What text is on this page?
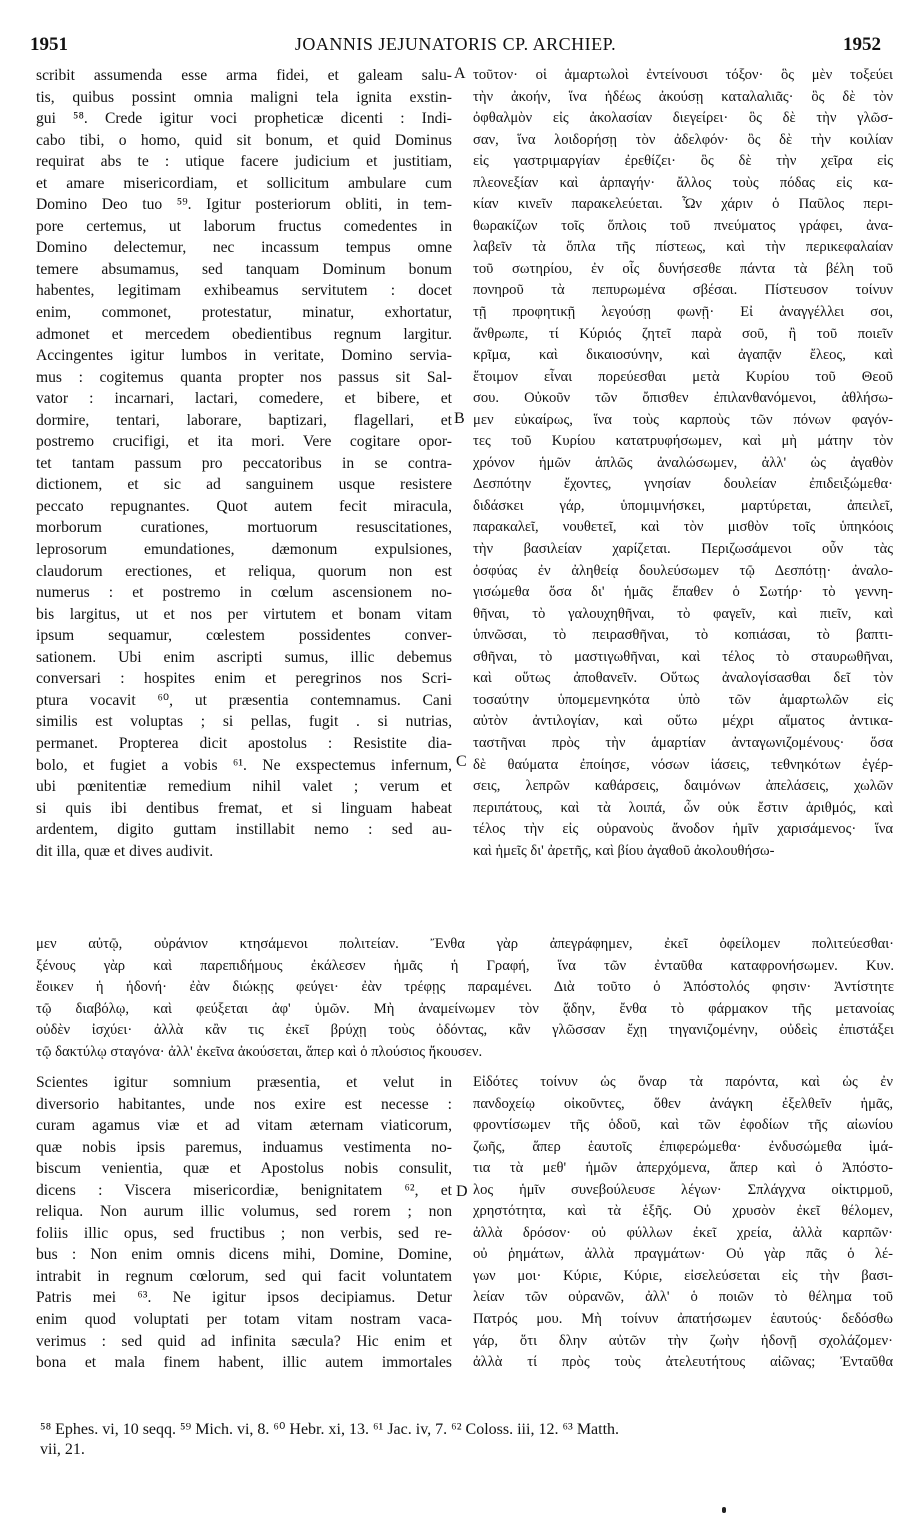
1951	JOANNIS JEJUNATORIS CP. ARCHIEP.	1952
scribit assumenda esse arma fidei, et galeam salu-
tis, quibus possint omnia maligni tela ignita exstin-
gui ⁵⁸. Crede igitur voci propheticæ dicenti : Indi-
cabo tibi, o homo, quid sit bonum, et quid Dominus
requirat abs te : utique facere judicium et justitiam,
et amare misericordiam, et sollicitum ambulare cum
Domino Deo tuo ⁵⁹. Igitur posteriorum obliti, in tem-
pore certemus, ut laborum fructus comedentes in
Domino delectemur, nec incassum tempus omne
temere absumamus, sed tanquam Dominum bonum
habentes, legitimam exhibeamus servitutem : docet
enim, commonet, protestatur, minatur, exhortatur,
admonet et mercedem obedientibus regnum largitur.
Accingentes igitur lumbos in veritate, Domino servia-
mus : cogitemus quanta propter nos passus sit Sal-
vator : incarnari, lactari, comedere, et bibere, et
dormire, tentari, laborare, baptizari, flagellari, et
postremo crucifigi, et ita mori. Vere cogitare opor-
tet tantam passum pro peccatoribus in se contra-
dictionem, et sic ad sanguinem usque resistere
peccato repugnantes. Quot autem fecit miracula,
morborum curationes, mortuorum resuscitationes,
leprosorum emundationes, dæmonum expulsiones,
claudorum erectiones, et reliqua, quorum non est
numerus : et postremo in cœlum ascensionem no-
bis largitus, ut et nos per virtutem et bonam vitam
ipsum sequamur, cœlestem possidentes conver-
sationem. Ubi enim ascripti sumus, illic debemus
conversari : hospites enim et peregrinos nos Scri-
ptura vocavit ⁶⁰, ut præsentia contemnamus. Cani
similis est voluptas ; si pellas, fugit . si nutrias,
permanet. Propterea dicit apostolus : Resistite dia-
bolo, et fugiet a vobis ⁶¹. Ne exspectemus infernum,
ubi pœnitentiæ remedium nihil valet ; verum et
si quis ibi dentibus fremat, et si linguam habeat
ardentem, digito guttam instillabit nemo : sed au-
dit illa, quæ et dives audivit.
τοῦτον· οἱ ἁμαρτωλοὶ ἐντείνουσι τόξον· ὃς μὲν τοξεύει
τὴν ἀκοήν, ἵνα ἡδέως ἀκούσῃ καταλαλιᾶς· ὃς δὲ τὸν
ὀφθαλμὸν εἰς ἀκολασίαν διεγείρει· ὃς δὲ τὴν γλῶσ-
σαν, ἵνα λοιδορήσῃ τὸν ἀδελφόν· ὃς δὲ τὴν κοιλίαν
εἰς γαστριμαργίαν ἐρεθίζει· ὃς δὲ τὴν χεῖρα εἰς
πλεονεξίαν καὶ ἁρπαγήν· ἄλλος τοὺς πόδας εἰς κα-
κίαν κινεῖν παρακελεύεται. Ὧν χάριν ὁ Παῦλος περι-
θωρακίζων τοῖς ὅπλοις τοῦ πνεύματος γράφει, ἀνα-
λαβεῖν τὰ ὅπλα τῆς πίστεως, καὶ τὴν περικεφαλαίαν
τοῦ σωτηρίου, ἐν οἷς δυνήσεσθε πάντα τὰ βέλη τοῦ
πονηροῦ τὰ πεπυρωμένα σβέσαι. Πίστευσον τοίνυν
τῇ προφητικῇ λεγούσῃ φωνῇ· Εἰ ἀναγγέλλει σοι,
ἄνθρωπε, τί Κύριός ζητεῖ παρὰ σοῦ, ἢ τοῦ ποιεῖν
κρῖμα, καὶ δικαιοσύνην, καὶ ἀγαπᾷν ἔλεος, καὶ
ἕτοιμον εἶναι πορεύεσθαι μετὰ Κυρίου τοῦ Θεοῦ
σου. Οὐκοῦν τῶν ὄπισθεν ἐπιλανθανόμενοι, ἀθλήσω-
μεν εὐκαίρως, ἵνα τοὺς καρποὺς τῶν πόνων φαγόν-
τες τοῦ Κυρίου κατατρυφήσωμεν, καὶ μὴ μάτην τὸν
χρόνον ἡμῶν ἁπλῶς ἀναλώσωμεν, ἀλλ' ὡς ἀγαθὸν
Δεσπότην ἔχοντες, γνησίαν δουλείαν ἐπιδειξώμεθα·
διδάσκει γάρ, ὑπομιμνήσκει, μαρτύρεται, ἀπειλεῖ,
παρακαλεῖ, νουθετεῖ, καὶ τὸν μισθὸν τοῖς ὑπηκόοις
τὴν βασιλείαν χαρίζεται. Περιζωσάμενοι οὖν τὰς
ὀσφύας ἐν ἀληθείᾳ δουλεύσωμεν τῷ Δεσπότῃ· ἀναλο-
γισώμεθα ὅσα δι' ἡμᾶς ἔπαθεν ὁ Σωτήρ· τὸ γεννη-
θῆναι, τὸ γαλουχηθῆναι, τὸ φαγεῖν, καὶ πιεῖν, καὶ
ὑπνῶσαι, τὸ πειρασθῆναι, τὸ κοπιάσαι, τὸ βαπτι-
σθῆναι, τὸ μαστιγωθῆναι, καὶ τέλος τὸ σταυρωθῆναι,
καὶ οὕτως ἀποθανεῖν. Οὕτως ἀναλογίσασθαι δεῖ τὸν
τοσαύτην ὑπομεμενηκότα ὑπὸ τῶν ἁμαρτωλῶν εἰς
αὐτὸν ἀντιλογίαν, καὶ οὕτω μέχρι αἵματος ἀντικα-
ταστῆναι πρὸς τὴν ἁμαρτίαν ἀνταγωνιζομένους· ὅσα
δὲ θαύματα ἐποίησε, νόσων ἰάσεις, τεθνηκότων ἐγέρ-
σεις, λεπρῶν καθάρσεις, δαιμόνων ἀπελάσεις, χωλῶν
περιπάτους, καὶ τὰ λοιπά, ὧν οὐκ ἔστιν ἀριθμός, καὶ
τέλος τὴν εἰς οὐρανοὺς ἄνοδον ἡμῖν χαρισάμενος· ἵνα
καὶ ἡμεῖς δι' ἀρετῆς, καὶ βίου ἀγαθοῦ ἀκολουθήσω-
μεν αὐτῷ, οὐράνιον κτησάμενοι πολιτείαν. Ἔνθα γὰρ ἀπεγράφημεν, ἐκεῖ ὀφείλομεν πολιτεύεσθαι·
ξένους γὰρ καὶ παρεπιδήμους ἐκάλεσεν ἡμᾶς ἡ Γραφή, ἵνα τῶν ἐνταῦθα καταφρονήσωμεν. Κυν.
ἔοικεν ἡ ἡδονή· ἐὰν διώκῃς φεύγει· ἐὰν τρέφῃς παραμένει. Διὰ τοῦτο ὁ Ἀπόστολός φησιν· Ἀντίστητε
τῷ διαβόλῳ, καὶ φεύξεται ἀφ' ὑμῶν. Μὴ ἀναμείνωμεν τὸν ᾅδην, ἔνθα τὸ φάρμακον τῆς μετανοίας
οὐδὲν ἰσχύει· ἀλλὰ κἂν τις ἐκεῖ βρύχῃ τοὺς ὀδόντας, κἂν γλῶσσαν ἔχῃ τηγανιζομένην, οὐδεὶς ἐπιστάξει
τῷ δακτύλῳ σταγόνα· ἀλλ' ἐκεῖνα ἀκούσεται, ἅπερ καὶ ὁ πλούσιος ἤκουσεν.
Scientes igitur somnium præsentia, et velut in
diversorio habitantes, unde nos exire est necesse :
curam agamus viæ et ad vitam æternam viaticorum,
quæ nobis ipsis paremus, induamus vestimenta no-
biscum venientia, quæ et Apostolus nobis consulit,
dicens : Viscera misericordiæ, benignitatem ⁶², et
reliqua. Non aurum illic volumus, sed rorem ; non
foliis illic opus, sed fructibus ; non verbis, sed re-
bus : Non enim omnis dicens mihi, Domine, Domine,
intrabit in regnum cœlorum, sed qui facit voluntatem
Patris mei ⁶³. Ne igitur ipsos decipiamus. Detur
enim quod voluptati per totam vitam nostram vaca-
verimus : sed quid ad infinita sæcula? Hic enim et
bona et mala finem habent, illic autem immortales
Εἰδότες τοίνυν ὡς ὄναρ τὰ παρόντα, καὶ ὡς ἐν
πανδοχείῳ οἰκοῦντες, ὅθεν ἀνάγκη ἐξελθεῖν ἡμᾶς,
φροντίσωμεν τῆς ὁδοῦ, καὶ τῶν ἐφοδίων τῆς αἰωνίου
ζωῆς, ἅπερ ἑαυτοῖς ἐπιφερώμεθα· ἐνδυσώμεθα ἱμά-
τια τὰ μεθ' ἡμῶν ἀπερχόμενα, ἅπερ καὶ ὁ Ἀπόστο-
λος ἡμῖν συνεβούλευσε λέγων· Σπλάγχνα οἰκτιρμοῦ,
χρηστότητα, καὶ τὰ ἑξῆς. Οὐ χρυσὸν ἐκεῖ θέλομεν,
ἀλλὰ δρόσον· οὐ φύλλων ἐκεῖ χρεία, ἀλλὰ καρπῶν·
οὐ ῥημάτων, ἀλλὰ πραγμάτων· Οὐ γὰρ πᾶς ὁ λέ-
γων μοι· Κύριε, Κύριε, εἰσελεύσεται εἰς τὴν βασι-
λείαν τῶν οὐρανῶν, ἀλλ' ὁ ποιῶν τὸ θέλημα τοῦ
Πατρός μου. Μὴ τοίνυν ἀπατήσωμεν ἑαυτούς· δεδόσθω
γάρ, ὅτι δλην αὐτῶν τὴν ζωὴν ἡδονῇ σχολάζομεν·
ἀλλὰ τί πρὸς τοὺς ἀτελευτήτους αἰῶνας; Ἐνταῦθα
A
B
C
D
⁵⁸ Ephes. vi, 10 seqq. ⁵⁹ Mich. vi, 8. ⁶⁰ Hebr. xi, 13. ⁶¹ Jac. iv, 7. ⁶² Coloss. iii, 12. ⁶³ Matth.
vii, 21.
